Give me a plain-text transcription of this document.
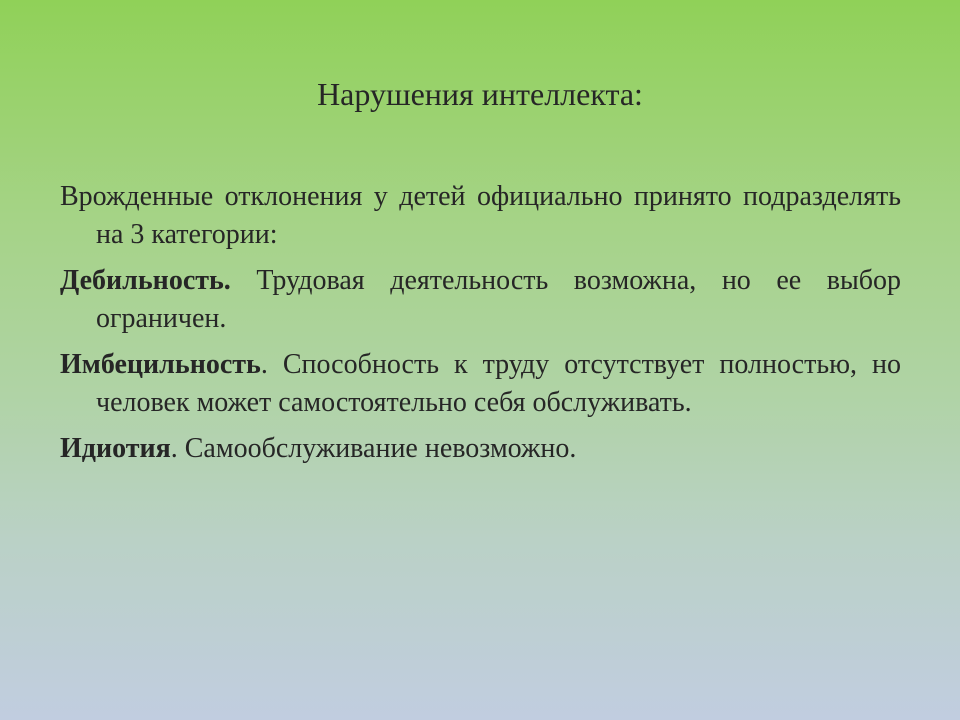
Нарушения интеллекта:

Врожденные отклонения у детей официально принято подразделять на 3 категории:

Дебильность. Трудовая деятельность возможна, но ее выбор ограничен.

Имбецильность. Способность к труду отсутствует полностью, но человек может самостоятельно себя обслуживать.

Идиотия. Самообслуживание невозможно.
